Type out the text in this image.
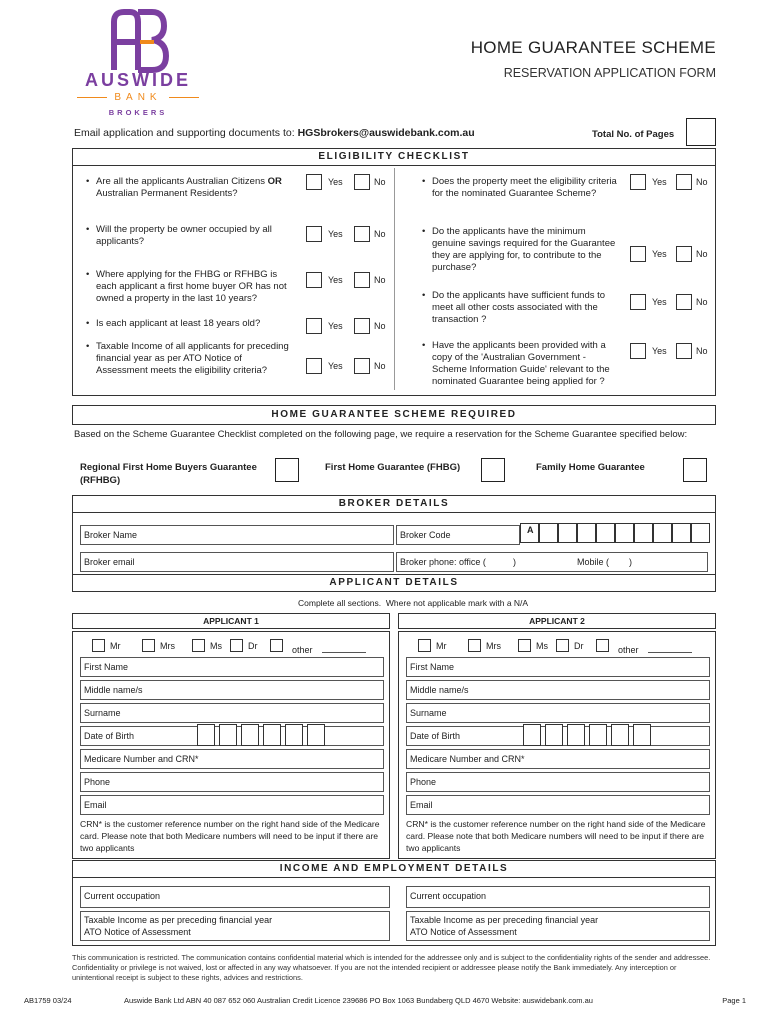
AUSWIDE
BANK
BROKERS
HOME GUARANTEE SCHEME
RESERVATION APPLICATION FORM
Email application and supporting documents to: HGSbrokers@auswidebank.com.au	Total No. of Pages
ELIGIBILITY CHECKLIST
• Are all the applicants Australian Citizens OR Australian Permanent Residents?
Yes	No
• Will the property be owner occupied by all applicants?
Yes	No
• Where applying for the FHBG or RFHBG is each applicant a first home buyer OR has not owned a property in the last 10 years?
Yes	No
• Is each applicant at least 18 years old?	Yes	No
• Taxable Income of all applicants for preceding financial year as per ATO Notice of Assessment meets the eligibility criteria?	Yes	No
• Does the property meet the eligibility criteria for the nominated Guarantee Scheme?
Yes	No
• Do the applicants have the minimum genuine savings required for the Guarantee they are applying for, to contribute to the purchase?
Yes	No
• Do the applicants have sufficient funds to meet all other costs associated with the transaction ?
Yes	No
• Have the applicants been provided with a copy of the 'Australian Government - Scheme Information Guide' relevant to the nominated Guarantee being applied for ?
Yes	No
HOME GUARANTEE SCHEME REQUIRED
Based on the Scheme Guarantee Checklist completed on the following page, we require a reservation for the Scheme Guarantee specified below:
Regional First Home Buyers Guarantee (RFHBG)
First Home Guarantee (FHBG)	Family Home Guarantee
BROKER DETAILS
Broker Name	Broker Code	A
Broker email	Broker phone: office (	)	Mobile ( )
APPLICANT DETAILS
Complete all sections. Where not applicable mark with a N/A
APPLICANT 1	APPLICANT 2
Mr	Mrs	Ms	Dr	other
First Name
Middle name/s
Surname
Date of Birth
Medicare Number and CRN*
Phone
Email
CRN* is the customer reference number on the right hand side of the Medicare card. Please note that both Medicare numbers will need to be input if there are two applicants
Mr	Mrs	Ms	Dr	other
First Name
Middle name/s
Surname
Date of Birth
Medicare Number and CRN*
Phone
Email
CRN* is the customer reference number on the right hand side of the Medicare card. Please note that both Medicare numbers will need to be input if there are two applicants
INCOME AND EMPLOYMENT DETAILS
Current occupation	Current occupation
Taxable Income as per preceding financial year
ATO Notice of Assessment
Taxable Income as per preceding financial year
ATO Notice of Assessment
This communication is restricted. The communication contains confidential material which is intended for the addressee only and is subject to the confidentiality rights of the sender and addressee. Confidentiality or privilege is not waived, lost or affected in any way whatsoever. If you are not the intended recipient or addressee please notify the Bank immediately. Any interception or unintentional receipt is subject to these rights, advices and restrictions.
AB1759 03/24	Auswide Bank Ltd ABN 40 087 652 060 Australian Credit Licence 239686 PO Box 1063 Bundaberg QLD 4670 Website: auswidebank.com.au	Page 1
